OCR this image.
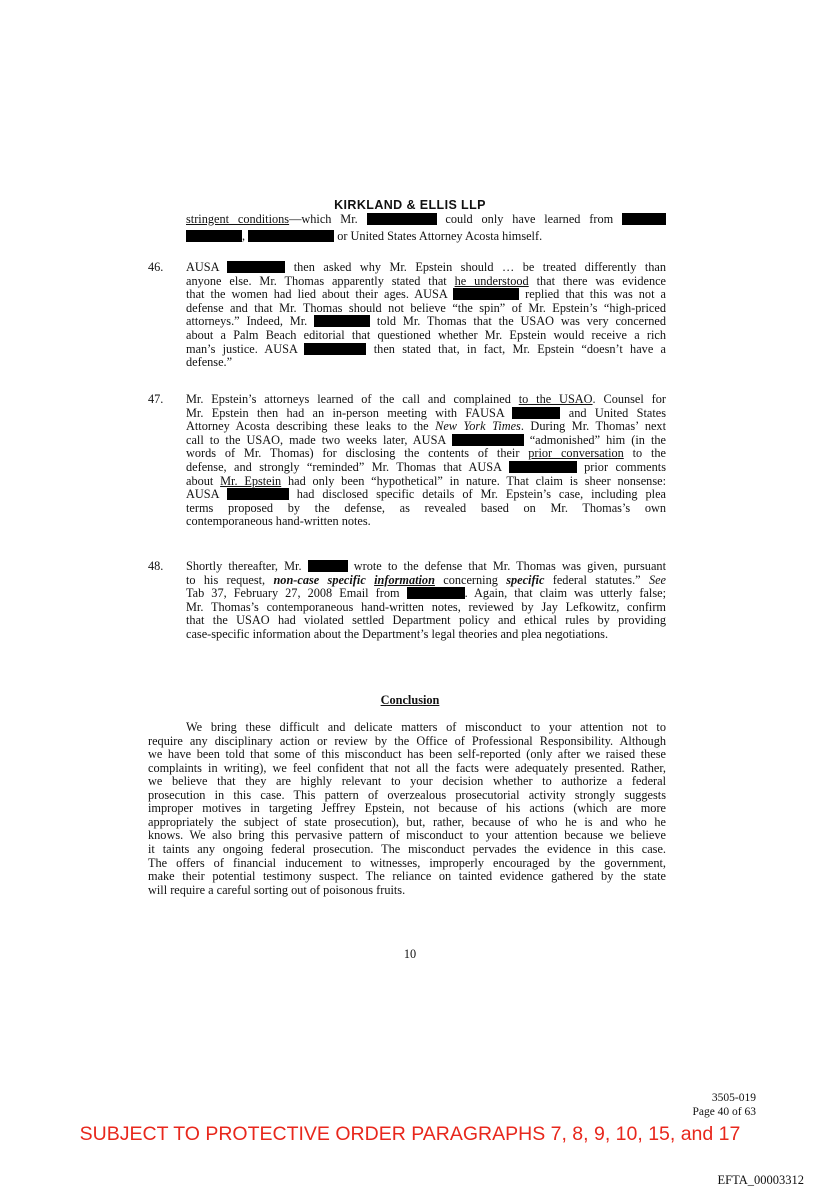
KIRKLAND & ELLIS LLP
Conclusion
10
3505-019
Page 40 of 63
SUBJECT TO PROTECTIVE ORDER PARAGRAPHS 7, 8, 9, 10, 15, and 17
EFTA_00003312
stringent conditions—which Mr.	could only have learned from
,	or United States Attorney Acosta himself.
46. AUSA	then asked why Mr. Epstein should … be treated differently than
anyone else. Mr. Thomas apparently stated that he understood that there was evidence
that the women had lied about their ages. AUSA	replied that this was not a
defense and that Mr. Thomas should not believe “the spin” of Mr. Epstein’s “high-priced
attorneys.” Indeed, Mr.	told Mr. Thomas that the USAO was very concerned
about a Palm Beach editorial that questioned whether Mr. Epstein would receive a rich
man’s justice. AUSA	then stated that, in fact, Mr. Epstein “doesn’t have a
defense.”
47. Mr. Epstein’s attorneys learned of the call and complained to the USAO. Counsel for
Mr. Epstein then had an in-person meeting with FAUSA	and United States
Attorney Acosta describing these leaks to the New York Times. During Mr. Thomas’ next
call to the USAO, made two weeks later, AUSA	“admonished” him (in the
words of Mr. Thomas) for disclosing the contents of their prior conversation to the
defense, and strongly “reminded” Mr. Thomas that AUSA	prior comments
about Mr. Epstein had only been “hypothetical” in nature. That claim is sheer nonsense:
AUSA	had disclosed specific details of Mr. Epstein’s case, including plea
terms proposed by the defense, as revealed based on Mr. Thomas’s own
contemporaneous hand-written notes.
48. Shortly thereafter, Mr.	wrote to the defense that Mr. Thomas was given, pursuant
to his request, non-case specific information concerning specific federal statutes.” See
Tab 37, February 27, 2008 Email from	. Again, that claim was utterly false;
Mr. Thomas’s contemporaneous hand-written notes, reviewed by Jay Lefkowitz, confirm
that the USAO had violated settled Department policy and ethical rules by providing
case-specific information about the Department’s legal theories and plea negotiations.
We bring these difficult and delicate matters of misconduct to your attention not to
require any disciplinary action or review by the Office of Professional Responsibility. Although
we have been told that some of this misconduct has been self-reported (only after we raised these
complaints in writing), we feel confident that not all the facts were adequately presented. Rather,
we believe that they are highly relevant to your decision whether to authorize a federal
prosecution in this case. This pattern of overzealous prosecutorial activity strongly suggests
improper motives in targeting Jeffrey Epstein, not because of his actions (which are more
appropriately the subject of state prosecution), but, rather, because of who he is and who he
knows. We also bring this pervasive pattern of misconduct to your attention because we believe
it taints any ongoing federal prosecution. The misconduct pervades the evidence in this case.
The offers of financial inducement to witnesses, improperly encouraged by the government,
make their potential testimony suspect. The reliance on tainted evidence gathered by the state
will require a careful sorting out of poisonous fruits.
